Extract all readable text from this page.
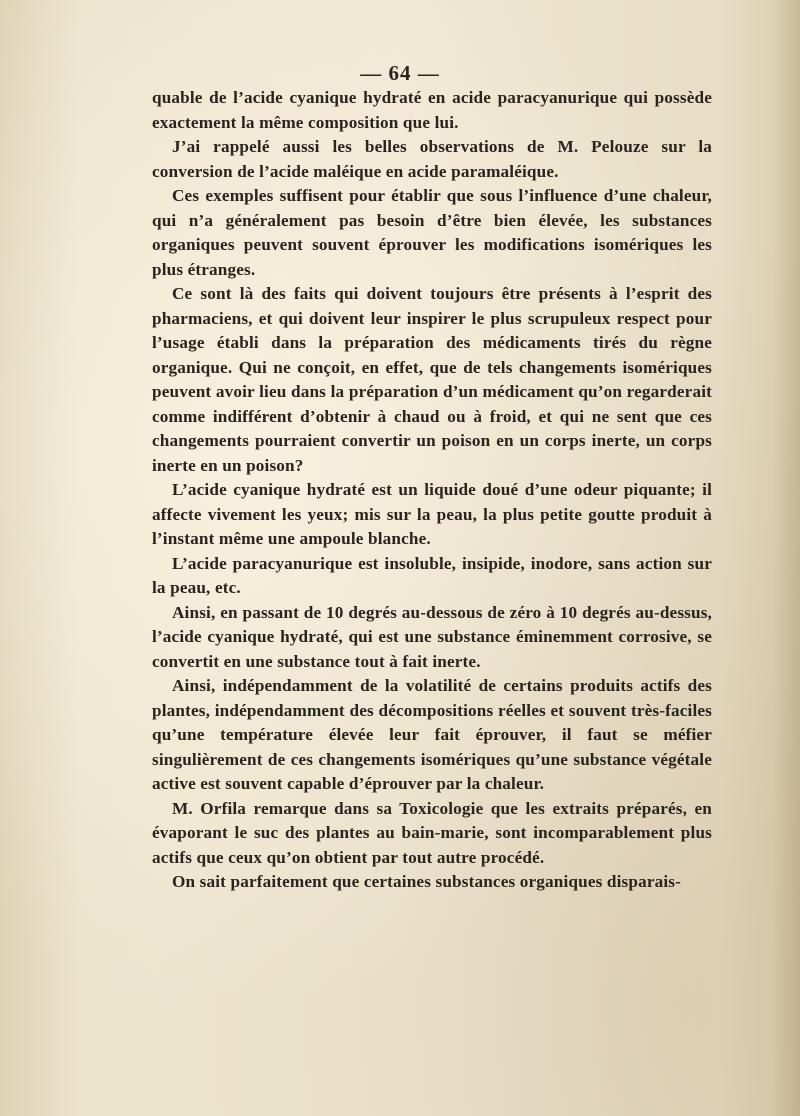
— 64 —

quable de l’acide cyanique hydraté en acide paracyanurique qui possède exactement la même composition que lui.

J’ai rappelé aussi les belles observations de M. Pelouze sur la conversion de l’acide maléique en acide paramaléique.

Ces exemples suffisent pour établir que sous l’influence d’une chaleur, qui n’a généralement pas besoin d’être bien élevée, les substances organiques peuvent souvent éprouver les modifications isomériques les plus étranges.

Ce sont là des faits qui doivent toujours être présents à l’esprit des pharmaciens, et qui doivent leur inspirer le plus scrupuleux respect pour l’usage établi dans la préparation des médicaments tirés du règne organique. Qui ne conçoit, en effet, que de tels changements isomériques peuvent avoir lieu dans la préparation d’un médicament qu’on regarderait comme indifférent d’obtenir à chaud ou à froid, et qui ne sent que ces changements pourraient convertir un poison en un corps inerte, un corps inerte en un poison?

L’acide cyanique hydraté est un liquide doué d’une odeur piquante; il affecte vivement les yeux; mis sur la peau, la plus petite goutte produit à l’instant même une ampoule blanche.

L’acide paracyanurique est insoluble, insipide, inodore, sans action sur la peau, etc.

Ainsi, en passant de 10 degrés au-dessous de zéro à 10 degrés au-dessus, l’acide cyanique hydraté, qui est une substance éminemment corrosive, se convertit en une substance tout à fait inerte.

Ainsi, indépendamment de la volatilité de certains produits actifs des plantes, indépendamment des décompositions réelles et souvent très-faciles qu’une température élevée leur fait éprouver, il faut se méfier singulièrement de ces changements isomériques qu’une substance végétale active est souvent capable d’éprouver par la chaleur.

M. Orfila remarque dans sa Toxicologie que les extraits préparés, en évaporant le suc des plantes au bain-marie, sont incomparablement plus actifs que ceux qu’on obtient par tout autre procédé.

On sait parfaitement que certaines substances organiques disparais-
